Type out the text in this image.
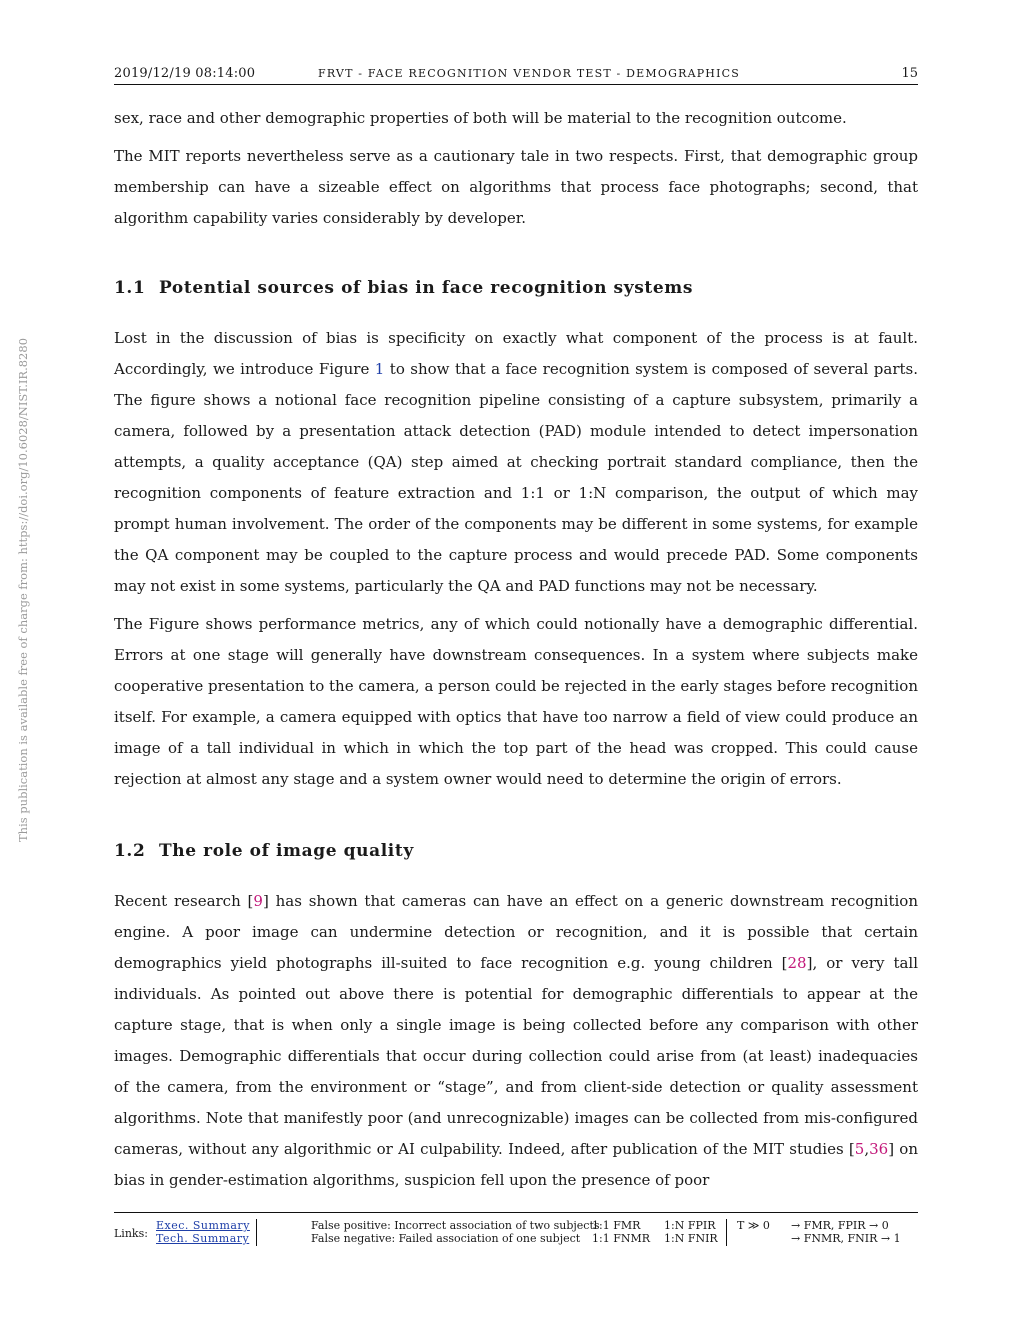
2019/12/19 08:14:00	FRVT - FACE RECOGNITION VENDOR TEST - DEMOGRAPHICS	15
This publication is available free of charge from: https://doi.org/10.6028/NIST.IR.8280

sex, race and other demographic properties of both will be material to the recognition outcome.

The MIT reports nevertheless serve as a cautionary tale in two respects. First, that demographic group membership can have a sizeable effect on algorithms that process face photographs; second, that algorithm capability varies considerably by developer.

1.1 Potential sources of bias in face recognition systems

Lost in the discussion of bias is specificity on exactly what component of the process is at fault. Accordingly, we introduce Figure 1 to show that a face recognition system is composed of several parts. The figure shows a notional face recognition pipeline consisting of a capture subsystem, primarily a camera, followed by a presentation attack detection (PAD) module intended to detect impersonation attempts, a quality acceptance (QA) step aimed at checking portrait standard compliance, then the recognition components of feature extraction and 1:1 or 1:N comparison, the output of which may prompt human involvement. The order of the components may be different in some systems, for example the QA component may be coupled to the capture process and would precede PAD. Some components may not exist in some systems, particularly the QA and PAD functions may not be necessary.

The Figure shows performance metrics, any of which could notionally have a demographic differential. Errors at one stage will generally have downstream consequences. In a system where subjects make cooperative presentation to the camera, a person could be rejected in the early stages before recognition itself. For example, a camera equipped with optics that have too narrow a field of view could produce an image of a tall individual in which in which the top part of the head was cropped. This could cause rejection at almost any stage and a system owner would need to determine the origin of errors.

1.2 The role of image quality

Recent research [9] has shown that cameras can have an effect on a generic downstream recognition engine. A poor image can undermine detection or recognition, and it is possible that certain demographics yield photographs ill-suited to face recognition e.g. young children [28], or very tall individuals. As pointed out above there is potential for demographic differentials to appear at the capture stage, that is when only a single image is being collected before any comparison with other images. Demographic differentials that occur during collection could arise from (at least) inadequacies of the camera, from the environment or “stage”, and from client-side detection or quality assessment algorithms. Note that manifestly poor (and unrecognizable) images can be collected from mis-configured cameras, without any algorithmic or AI culpability. Indeed, after publication of the MIT studies [5,36] on bias in gender-estimation algorithms, suspicion fell upon the presence of poor

Links:
Exec. Summary
Tech. Summary
False positive: Incorrect association of two subjects
False negative: Failed association of one subject
1:1 FMR
1:1 FNMR
1:N FPIR
1:N FNIR
T ≫ 0 → FMR, FPIR → 0
→ FNMR, FNIR → 1
